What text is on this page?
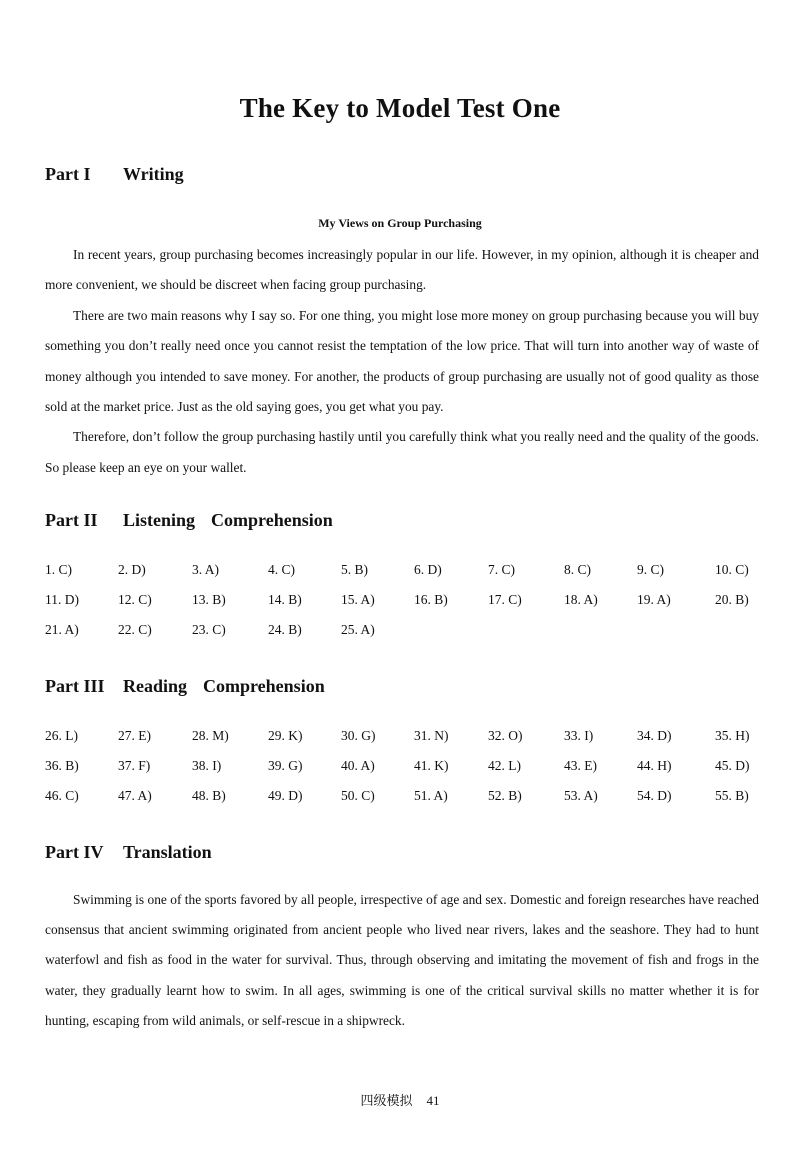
The Key to Model Test One
Part I Writing
My Views on Group Purchasing

In recent years, group purchasing becomes increasingly popular in our life. However, in my opinion, although it is cheaper and more convenient, we should be discreet when facing group purchasing.

There are two main reasons why I say so. For one thing, you might lose more money on group purchasing because you will buy something you don’t really need once you cannot resist the temptation of the low price. That will turn into another way of waste of money although you intended to save money. For another, the products of group purchasing are usually not of good quality as those sold at the market price. Just as the old saying goes, you get what you pay.

Therefore, don’t follow the group purchasing hastily until you carefully think what you really need and the quality of the goods. So please keep an eye on your wallet.

Part II Listening Comprehension
1. C)	2. D)	3. A)	4. C)	5. B)	6. D)	7. C)	8. C)	9. C)	10. C)
11. D)	12. C)	13. B)	14. B)	15. A)	16. B)	17. C)	18. A)	19. A)	20. B)
21. A)	22. C)	23. C)	24. B)	25. A)
Part III Reading Comprehension
26. L)	27. E)	28. M)	29. K)	30. G)	31. N)	32. O)	33. I)	34. D)	35. H)
36. B)	37. F)	38. I)	39. G)	40. A)	41. K)	42. L)	43. E)	44. H)	45. D)
46. C)	47. A)	48. B)	49. D)	50. C)	51. A)	52. B)	53. A)	54. D)	55. B)
Part IV Translation

Swimming is one of the sports favored by all people, irrespective of age and sex. Domestic and foreign researches have reached consensus that ancient swimming originated from ancient people who lived near rivers, lakes and the seashore. They had to hunt waterfowl and fish as food in the water for survival. Thus, through observing and imitating the movement of fish and frogs in the water, they gradually learnt how to swim. In all ages, swimming is one of the critical survival skills no matter whether it is for hunting, escaping from wild animals, or self-rescue in a shipwreck.

四级模拟 41
